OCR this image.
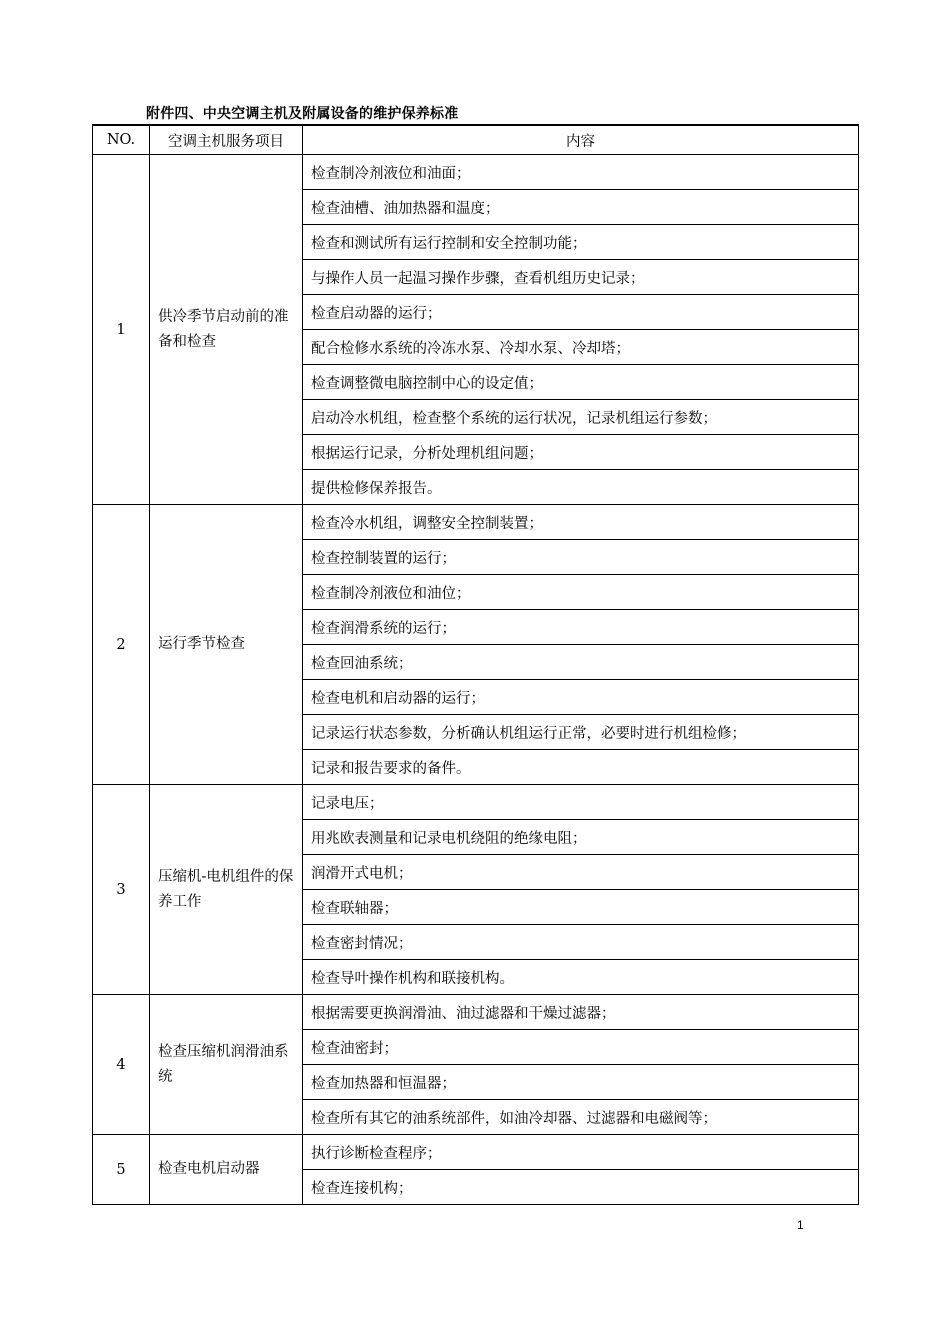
附件四、中央空调主机及附属设备的维护保养标准
NO.	空调主机服务项目	内容
1	供冷季节启动前的准备和检查	检查制冷剂液位和油面；
		检查油槽、油加热器和温度；
		检查和测试所有运行控制和安全控制功能；
		与操作人员一起温习操作步骤，查看机组历史记录；
		检查启动器的运行；
		配合检修水系统的冷冻水泵、冷却水泵、冷却塔；
		检查调整微电脑控制中心的设定值；
		启动冷水机组，检查整个系统的运行状况，记录机组运行参数；
		根据运行记录，分析处理机组问题；
		提供检修保养报告。
2	运行季节检查	检查冷水机组，调整安全控制装置；
		检查控制装置的运行；
		检查制冷剂液位和油位；
		检查润滑系统的运行；
		检查回油系统；
		检查电机和启动器的运行；
		记录运行状态参数，分析确认机组运行正常，必要时进行机组检修；
		记录和报告要求的备件。
3	压缩机-电机组件的保养工作	记录电压；
		用兆欧表测量和记录电机绕阻的绝缘电阻；
		润滑开式电机；
		检查联轴器；
		检查密封情况；
		检查导叶操作机构和联接机构。
4	检查压缩机润滑油系统	根据需要更换润滑油、油过滤器和干燥过滤器；
		检查油密封；
		检查加热器和恒温器；
		检查所有其它的油系统部件，如油冷却器、过滤器和电磁阀等；
5	检查电机启动器	执行诊断检查程序；
		检查连接机构；
1
